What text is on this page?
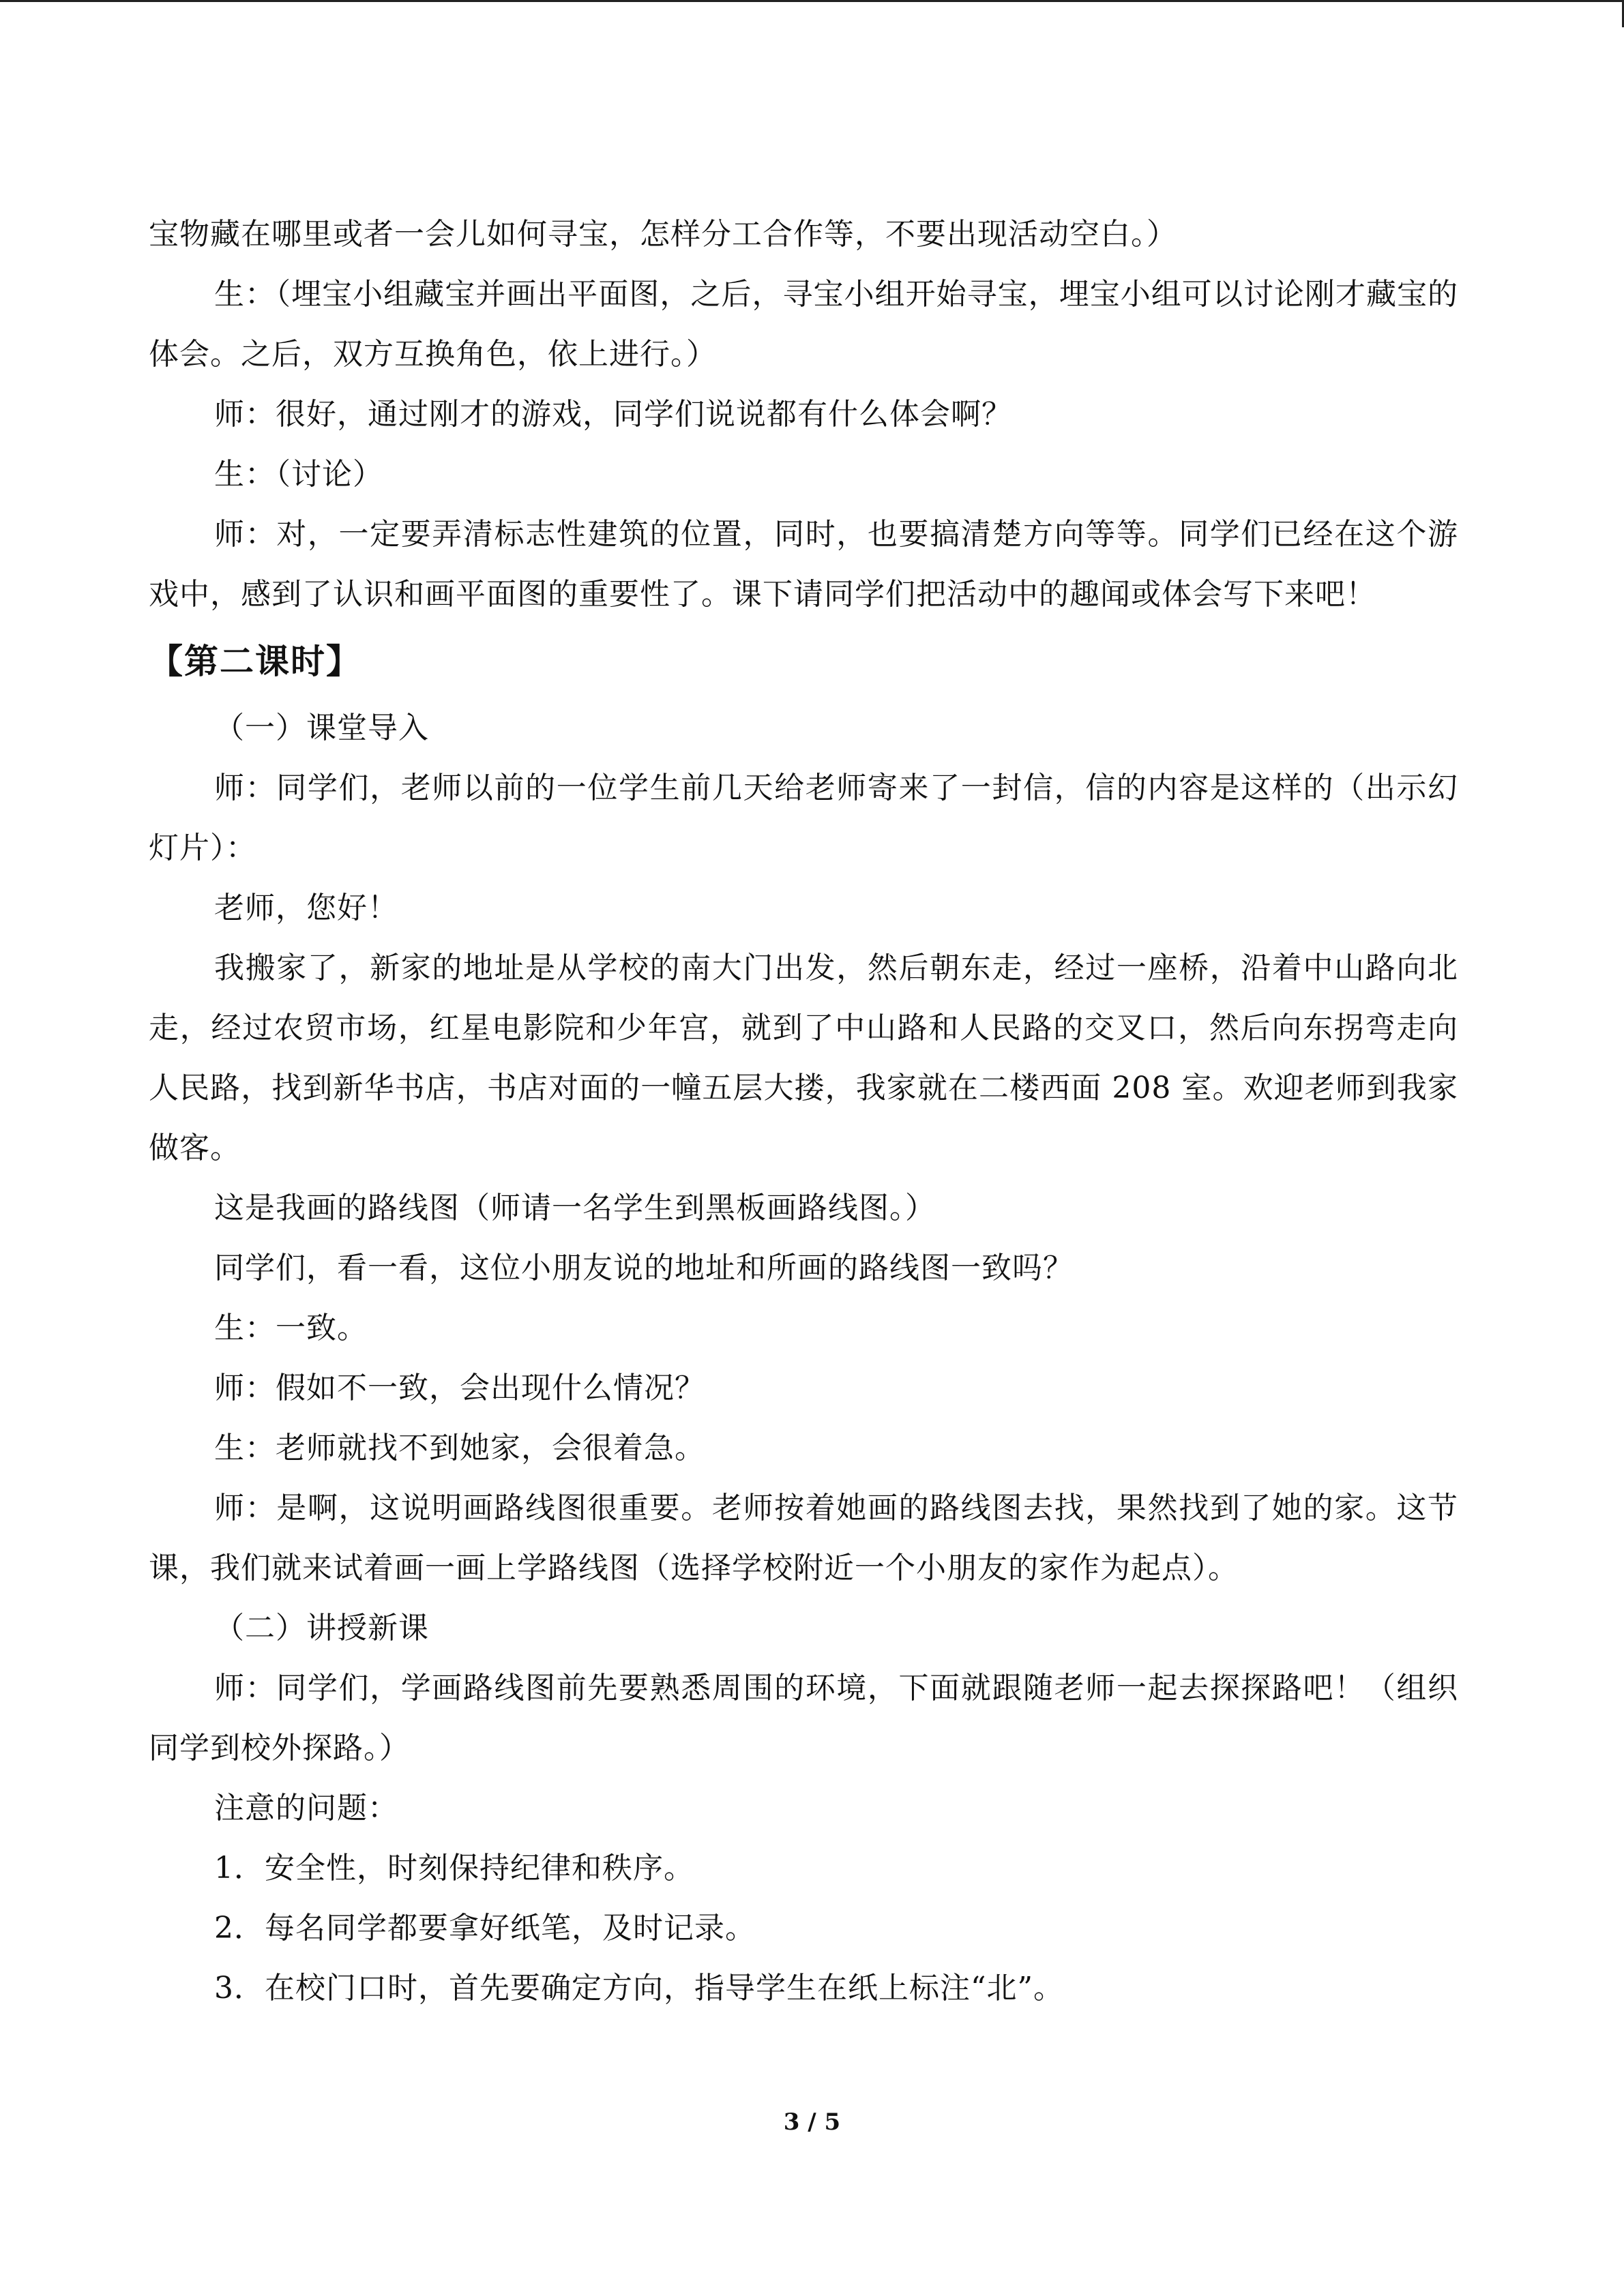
宝物藏在哪里或者一会儿如何寻宝，怎样分工合作等，不要出现活动空白。）

生：（埋宝小组藏宝并画出平面图，之后，寻宝小组开始寻宝，埋宝小组可以讨论刚才藏宝的体会。之后，双方互换角色，依上进行。）

师：很好，通过刚才的游戏，同学们说说都有什么体会啊？

生：（讨论）

师：对，一定要弄清标志性建筑的位置，同时，也要搞清楚方向等等。同学们已经在这个游戏中，感到了认识和画平面图的重要性了。课下请同学们把活动中的趣闻或体会写下来吧！

【第二课时】

（一）课堂导入

师：同学们，老师以前的一位学生前几天给老师寄来了一封信，信的内容是这样的（出示幻灯片）：

老师，您好！

我搬家了，新家的地址是从学校的南大门出发，然后朝东走，经过一座桥，沿着中山路向北走，经过农贸市场，红星电影院和少年宫，就到了中山路和人民路的交叉口，然后向东拐弯走向人民路，找到新华书店，书店对面的一幢五层大搂，我家就在二楼西面 208 室。欢迎老师到我家做客。

这是我画的路线图（师请一名学生到黑板画路线图。）

同学们，看一看，这位小朋友说的地址和所画的路线图一致吗？

生：一致。

师：假如不一致，会出现什么情况？

生：老师就找不到她家，会很着急。

师：是啊，这说明画路线图很重要。老师按着她画的路线图去找，果然找到了她的家。这节课，我们就来试着画一画上学路线图（选择学校附近一个小朋友的家作为起点）。

（二）讲授新课

师：同学们，学画路线图前先要熟悉周围的环境，下面就跟随老师一起去探探路吧！（组织同学到校外探路。）

注意的问题：

1．安全性，时刻保持纪律和秩序。

2．每名同学都要拿好纸笔，及时记录。

3．在校门口时，首先要确定方向，指导学生在纸上标注“北”。

3 / 5
